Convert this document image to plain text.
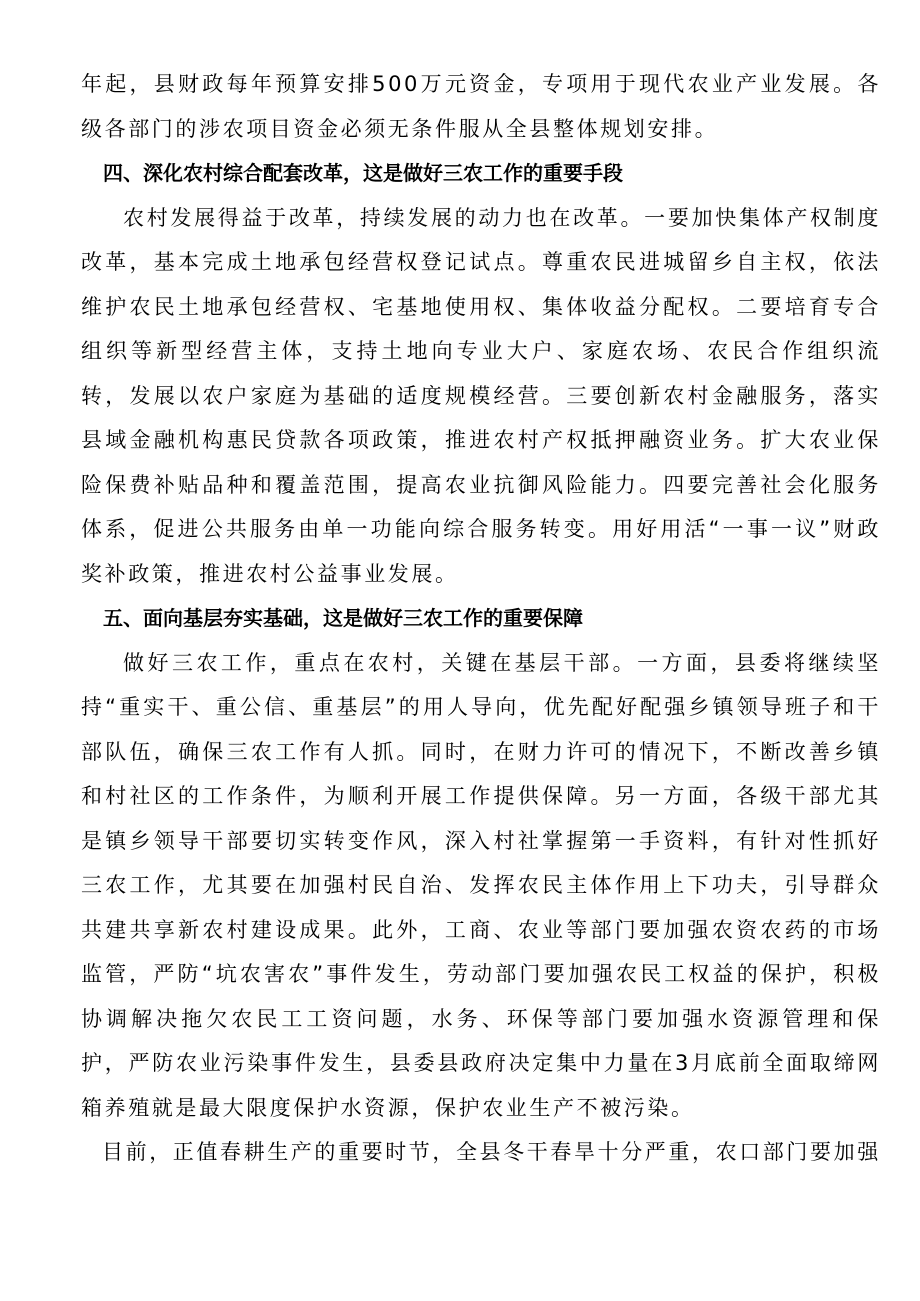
年起，县财政每年预算安排500万元资金，专项用于现代农业产业发展。各级各部门的涉农项目资金必须无条件服从全县整体规划安排。

四、深化农村综合配套改革，这是做好三农工作的重要手段

农村发展得益于改革，持续发展的动力也在改革。一要加快集体产权制度改革，基本完成土地承包经营权登记试点。尊重农民进城留乡自主权，依法维护农民土地承包经营权、宅基地使用权、集体收益分配权。二要培育专合组织等新型经营主体，支持土地向专业大户、家庭农场、农民合作组织流转，发展以农户家庭为基础的适度规模经营。三要创新农村金融服务，落实县域金融机构惠民贷款各项政策，推进农村产权抵押融资业务。扩大农业保险保费补贴品种和覆盖范围，提高农业抗御风险能力。四要完善社会化服务体系，促进公共服务由单一功能向综合服务转变。用好用活“一事一议”财政奖补政策，推进农村公益事业发展。

五、面向基层夯实基础，这是做好三农工作的重要保障

做好三农工作，重点在农村，关键在基层干部。一方面，县委将继续坚持“重实干、重公信、重基层”的用人导向，优先配好配强乡镇领导班子和干部队伍，确保三农工作有人抓。同时，在财力许可的情况下，不断改善乡镇和村社区的工作条件，为顺利开展工作提供保障。另一方面，各级干部尤其是镇乡领导干部要切实转变作风，深入村社掌握第一手资料，有针对性抓好三农工作，尤其要在加强村民自治、发挥农民主体作用上下功夫，引导群众共建共享新农村建设成果。此外，工商、农业等部门要加强农资农药的市场监管，严防“坑农害农”事件发生，劳动部门要加强农民工权益的保护，积极协调解决拖欠农民工工资问题，水务、环保等部门要加强水资源管理和保护，严防农业污染事件发生，县委县政府决定集中力量在3月底前全面取缔网箱养殖就是最大限度保护水资源，保护农业生产不被污染。

目前，正值春耕生产的重要时节，全县冬干春旱十分严重，农口部门要加强
